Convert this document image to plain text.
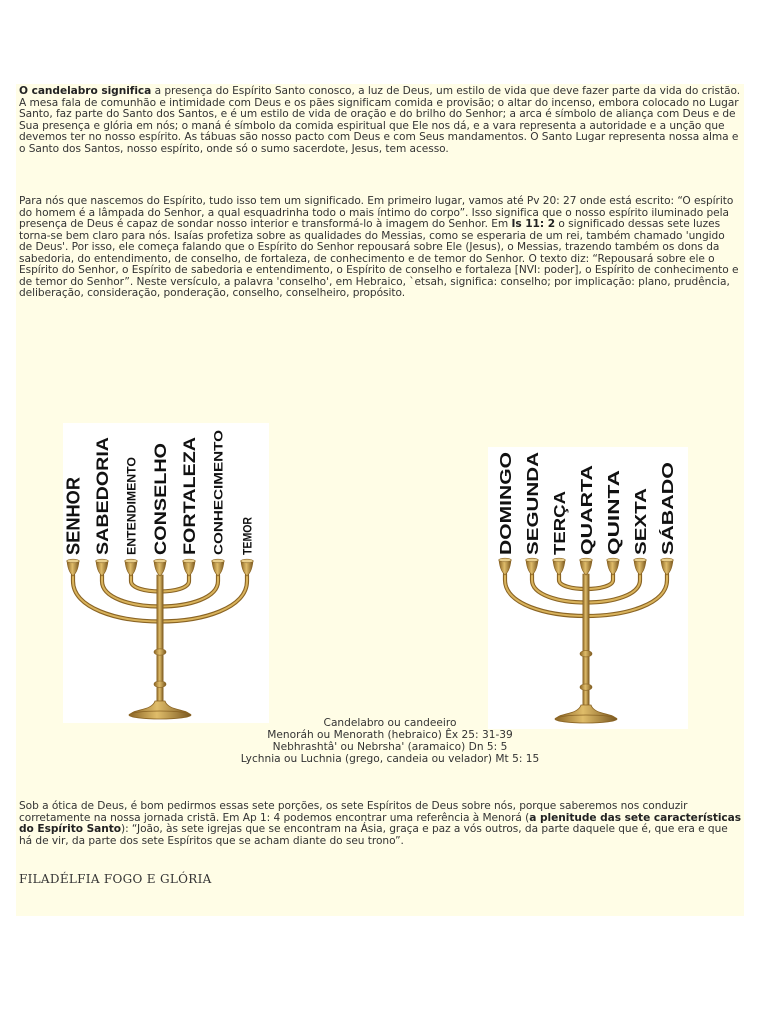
O candelabro significa a presença do Espírito Santo conosco, a luz de Deus, um estilo de vida que deve fazer parte da vida do cristão. A mesa fala de comunhão e intimidade com Deus e os pães significam comida e provisão; o altar do incenso, embora colocado no Lugar Santo, faz parte do Santo dos Santos, e é um estilo de vida de oração e do brilho do Senhor; a arca é símbolo de aliança com Deus e de Sua presença e glória em nós; o maná é símbolo da comida espiritual que Ele nos dá, e a vara representa a autoridade e a unção que devemos ter no nosso espírito. As tábuas são nosso pacto com Deus e com Seus mandamentos. O Santo Lugar representa nossa alma e o Santo dos Santos, nosso espírito, onde só o sumo sacerdote, Jesus, tem acesso.

Para nós que nascemos do Espírito, tudo isso tem um significado. Em primeiro lugar, vamos até Pv 20: 27 onde está escrito: “O espírito do homem é a lâmpada do Senhor, a qual esquadrinha todo o mais íntimo do corpo”. Isso significa que o nosso espírito iluminado pela presença de Deus é capaz de sondar nosso interior e transformá-lo à imagem do Senhor. Em Is 11: 2 o significado dessas sete luzes torna-se bem claro para nós. Isaías profetiza sobre as qualidades do Messias, como se esperaria de um rei, também chamado 'ungido de Deus'. Por isso, ele começa falando que o Espírito do Senhor repousará sobre Ele (Jesus), o Messias, trazendo também os dons da sabedoria, do entendimento, de conselho, de fortaleza, de conhecimento e de temor do Senhor. O texto diz: “Repousará sobre ele o Espírito do Senhor, o Espírito de sabedoria e entendimento, o Espírito de conselho e fortaleza [NVI: poder], o Espírito de conhecimento e de temor do Senhor”. Neste versículo, a palavra 'conselho', em Hebraico, `etsah, significa: conselho; por implicação: plano, prudência, deliberação, consideração, ponderação, conselho, conselheiro, propósito.

SENHOR SABEDORIA ENTENDIMENTO CONSELHO FORTALEZA CONHECIMENTO TEMOR	DOMINGO SEGUNDA TERÇA QUARTA QUINTA SEXTA SÁBADO
Candelabro ou candeeiro
Menoráh ou Menorath (hebraico) Êx 25: 31-39
Nebhrashtâ' ou Nebrsha' (aramaico) Dn 5: 5
Lychnia ou Luchnia (grego, candeia ou velador) Mt 5: 15

Sob a ótica de Deus, é bom pedirmos essas sete porções, os sete Espíritos de Deus sobre nós, porque saberemos nos conduzir corretamente na nossa jornada cristã. Em Ap 1: 4 podemos encontrar uma referência à Menorá (a plenitude das sete características do Espírito Santo): “João, às sete igrejas que se encontram na Ásia, graça e paz a vós outros, da parte daquele que é, que era e que há de vir, da parte dos sete Espíritos que se acham diante do seu trono”.

FILADÉLFIA FOGO E GLÓRIA
